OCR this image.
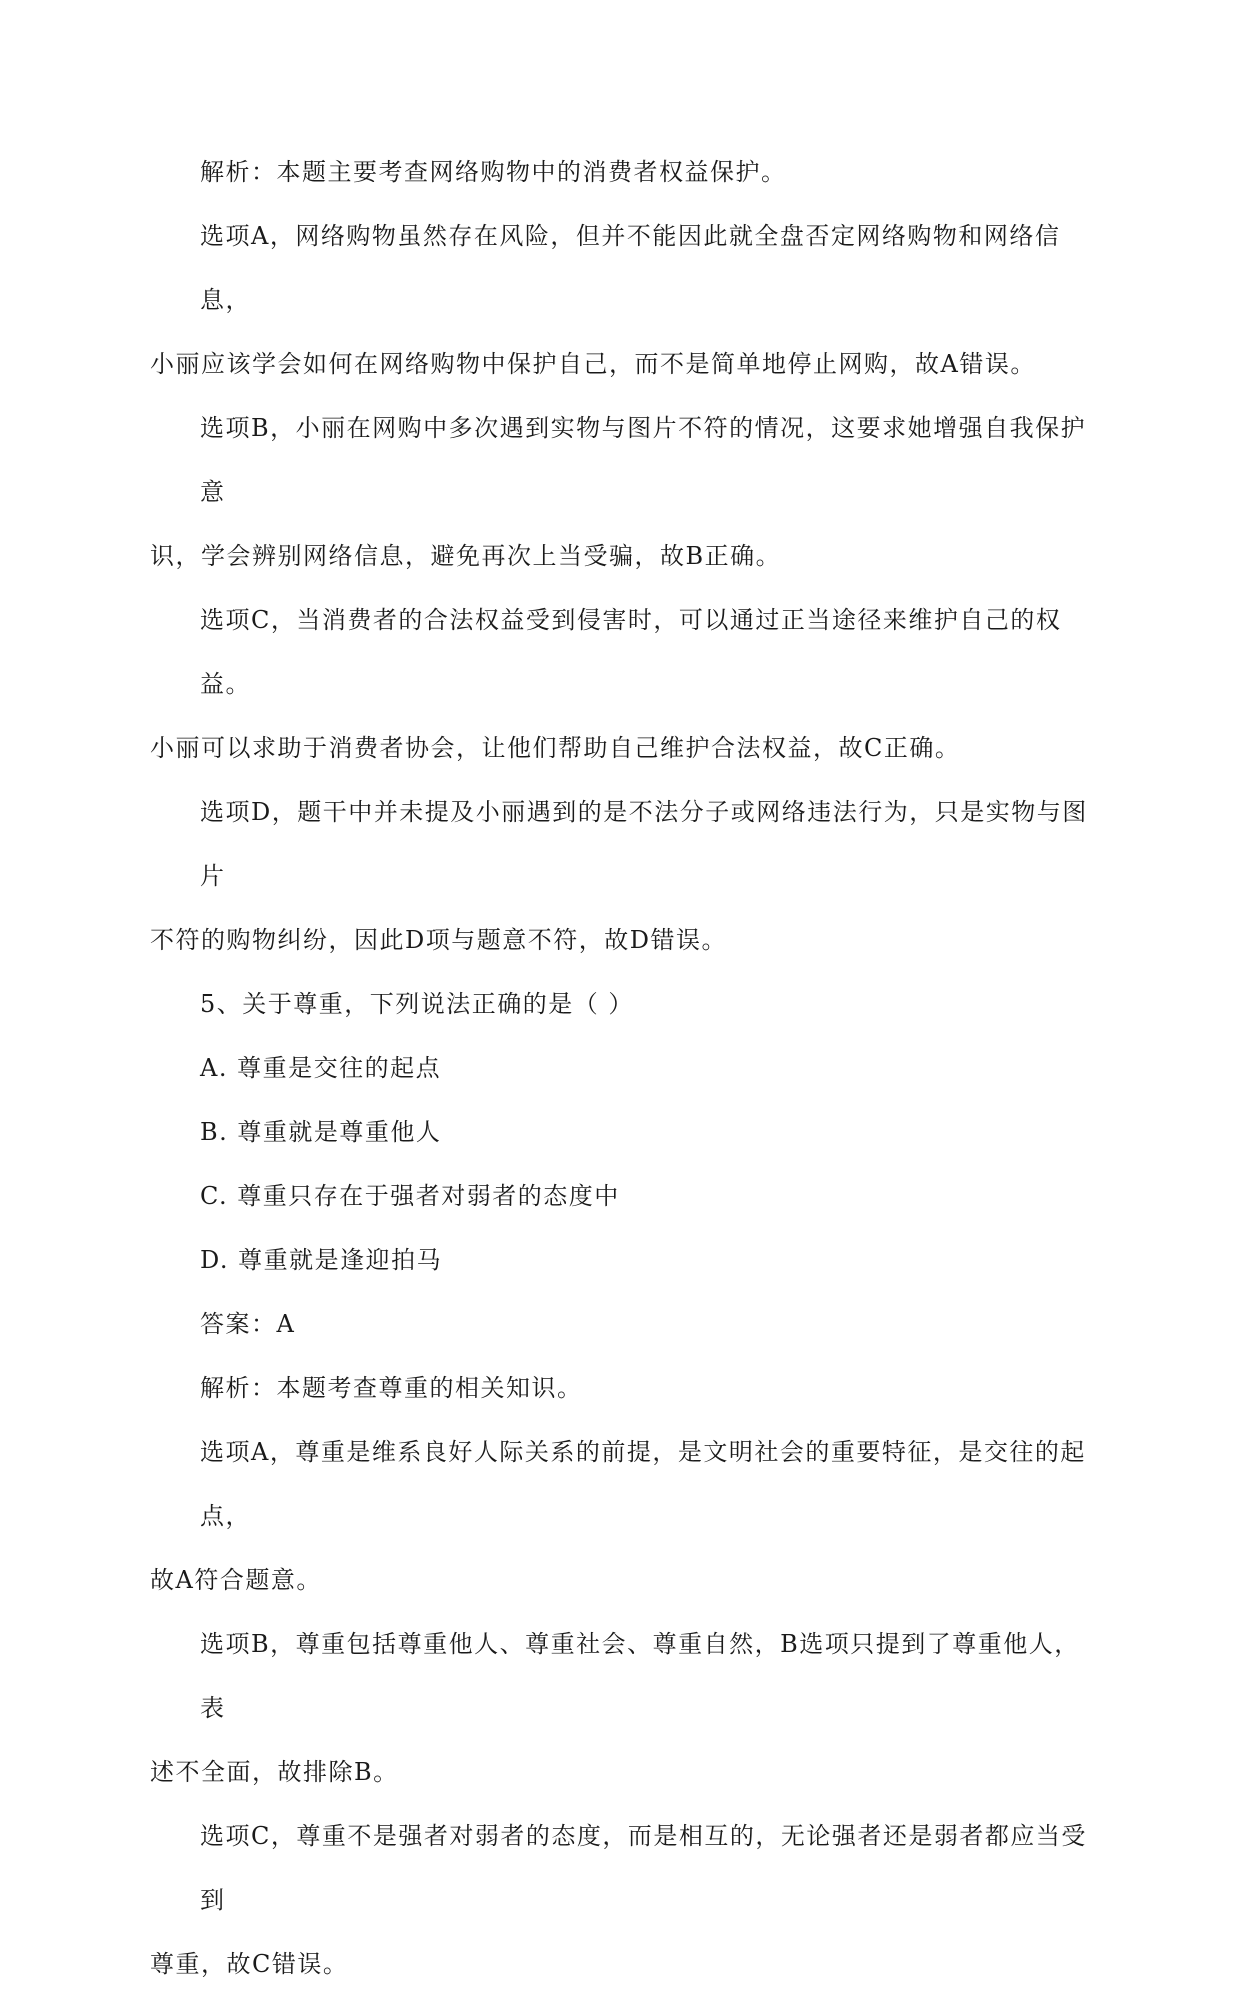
解析：本题主要考查网络购物中的消费者权益保护。
选项A，网络购物虽然存在风险，但并不能因此就全盘否定网络购物和网络信息，
小丽应该学会如何在网络购物中保护自己，而不是简单地停止网购，故A错误。
选项B，小丽在网购中多次遇到实物与图片不符的情况，这要求她增强自我保护意
识，学会辨别网络信息，避免再次上当受骗，故B正确。
选项C，当消费者的合法权益受到侵害时，可以通过正当途径来维护自己的权益。
小丽可以求助于消费者协会，让他们帮助自己维护合法权益，故C正确。
选项D，题干中并未提及小丽遇到的是不法分子或网络违法行为，只是实物与图片
不符的购物纠纷，因此D项与题意不符，故D错误。
5、关于尊重，下列说法正确的是（ ）
A. 尊重是交往的起点
B. 尊重就是尊重他人
C. 尊重只存在于强者对弱者的态度中
D. 尊重就是逢迎拍马
答案：A
解析：本题考查尊重的相关知识。
选项A，尊重是维系良好人际关系的前提，是文明社会的重要特征，是交往的起点，
故A符合题意。
选项B，尊重包括尊重他人、尊重社会、尊重自然，B选项只提到了尊重他人，表
述不全面，故排除B。
选项C，尊重不是强者对弱者的态度，而是相互的，无论强者还是弱者都应当受到
尊重，故C错误。
